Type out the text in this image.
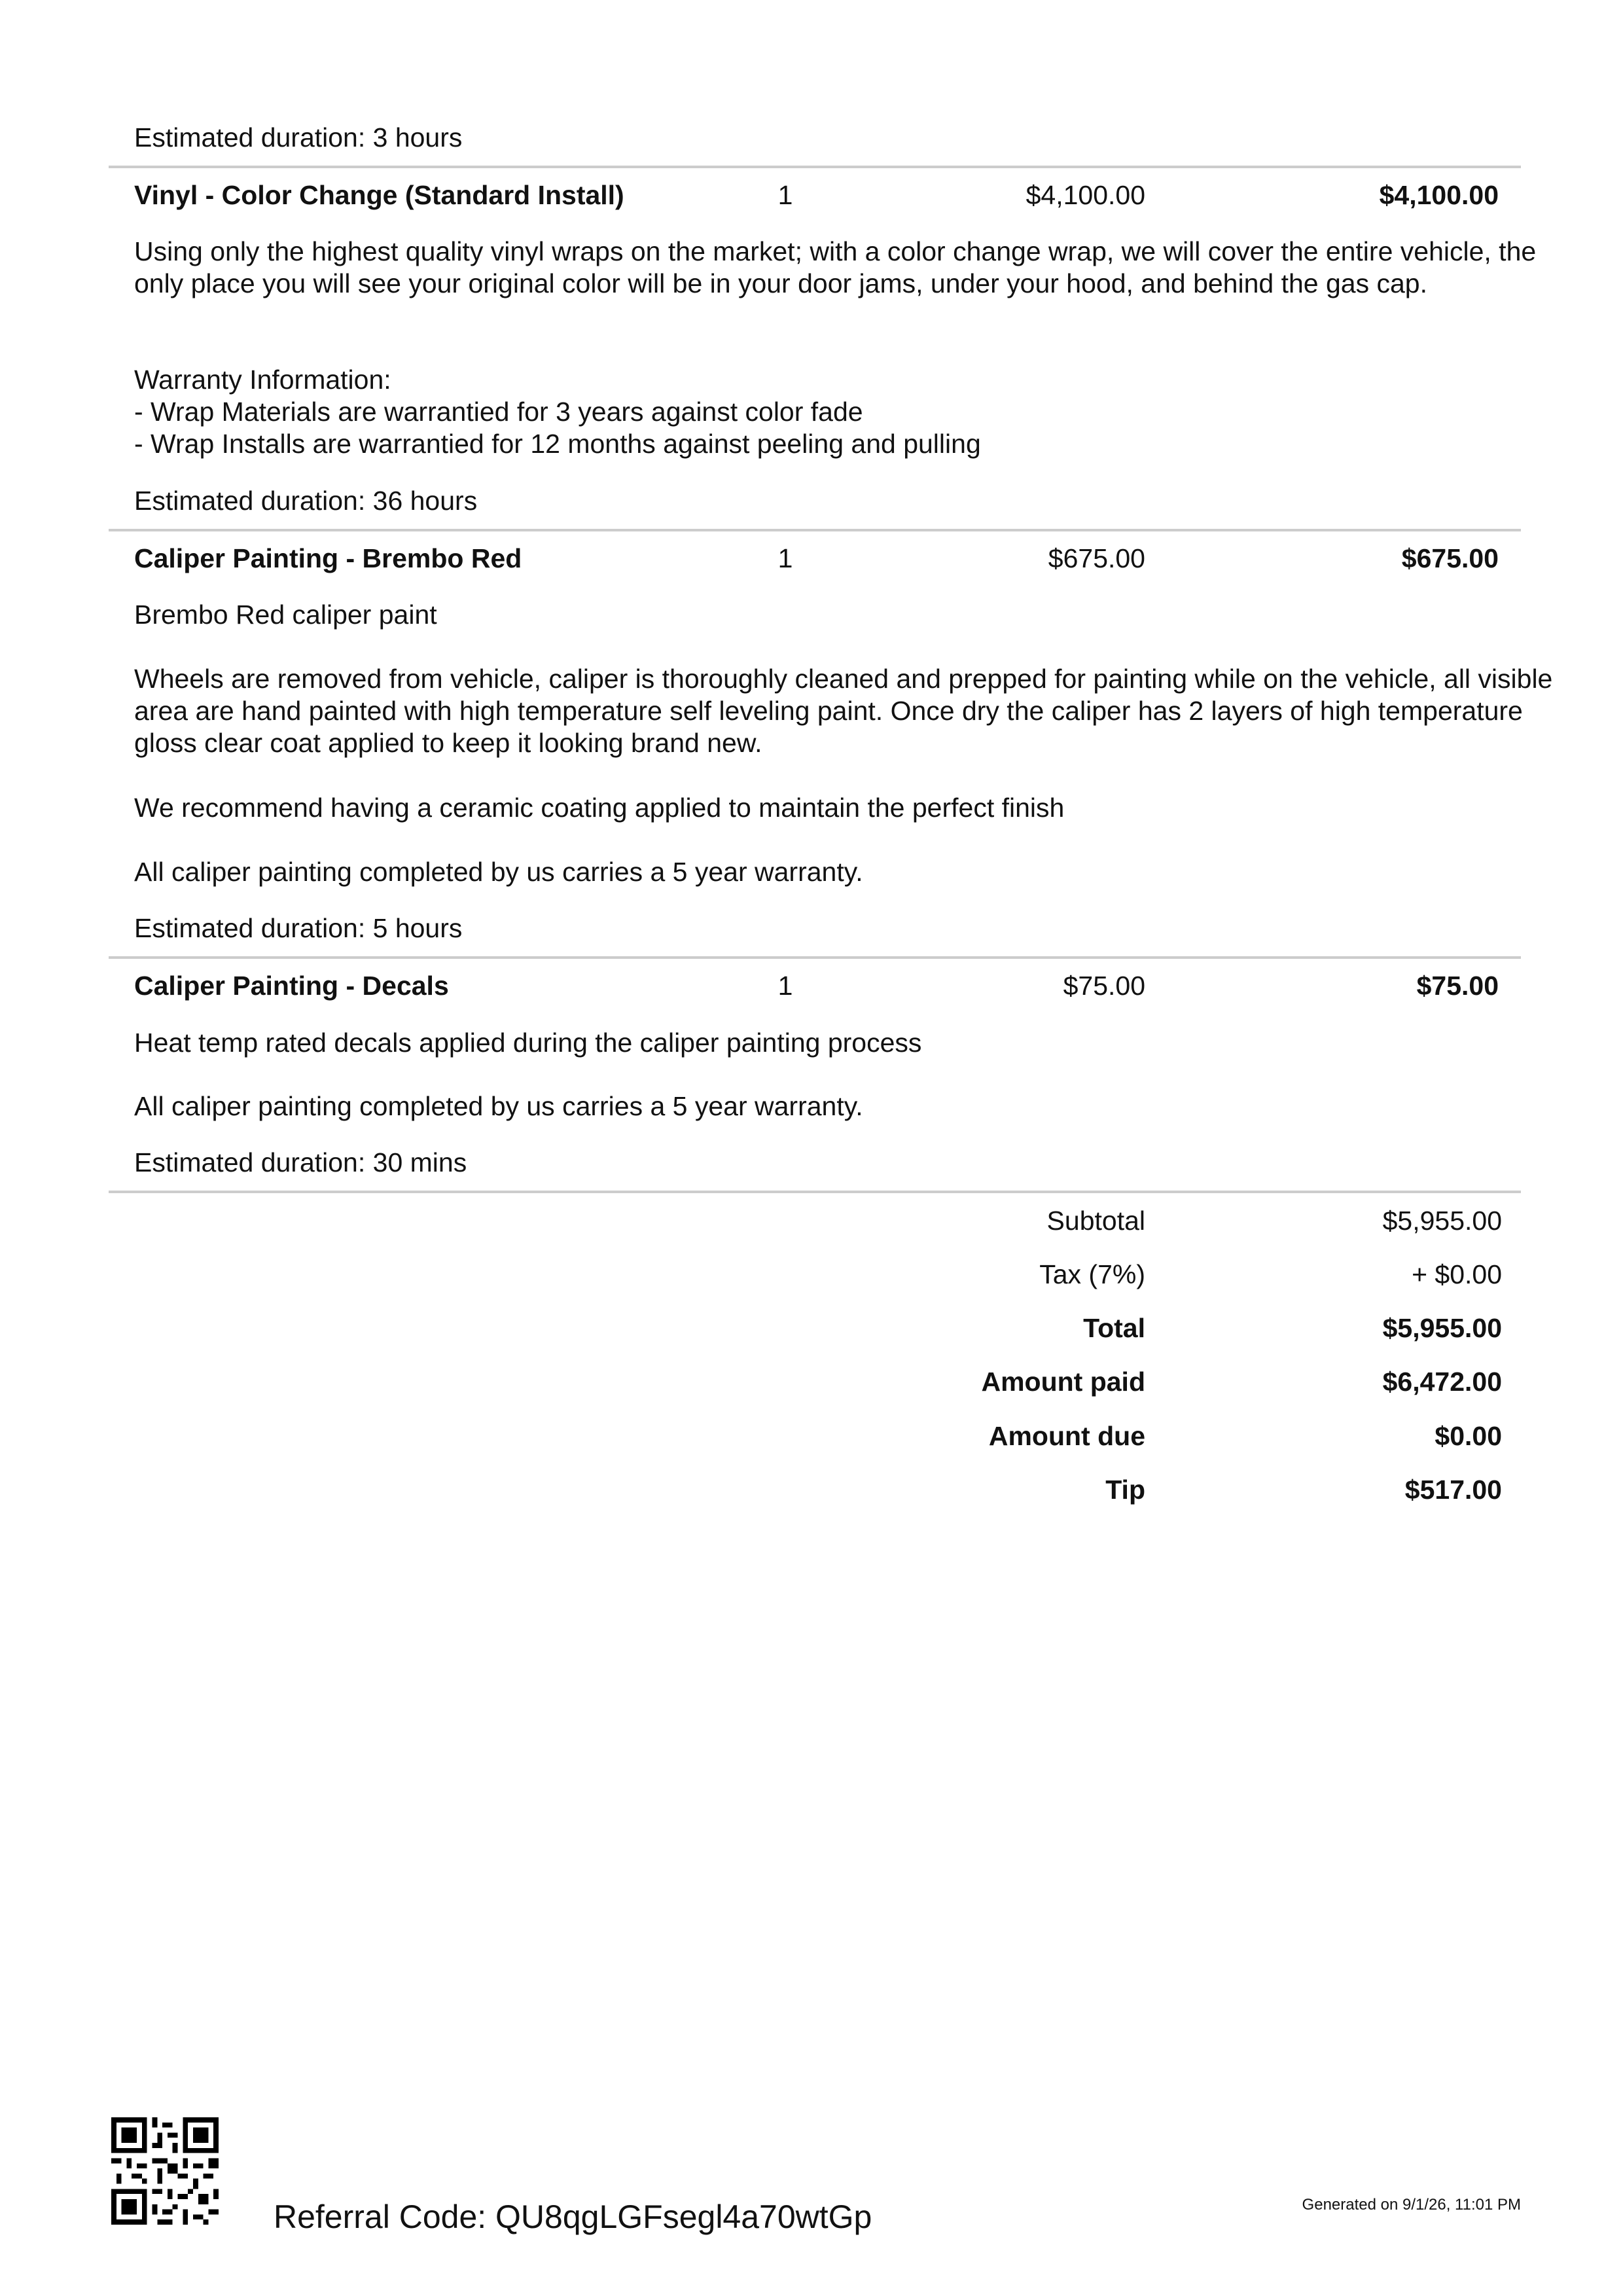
Estimated duration: 3 hours
Vinyl - Color Change (Standard Install)	1	$4,100.00	$4,100.00
Using only the highest quality vinyl wraps on the market; with a color change wrap, we will cover the entire vehicle, the only place you will see your original color will be in your door jams, under your hood, and behind the gas cap.
Warranty Information:
- Wrap Materials are warrantied for 3 years against color fade
- Wrap Installs are warrantied for 12 months against peeling and pulling
Estimated duration: 36 hours
Caliper Painting - Brembo Red	1	$675.00	$675.00
Brembo Red caliper paint
Wheels are removed from vehicle, caliper is thoroughly cleaned and prepped for painting while on the vehicle, all visible area are hand painted with high temperature self leveling paint. Once dry the caliper has 2 layers of high temperature gloss clear coat applied to keep it looking brand new.
We recommend having a ceramic coating applied to maintain the perfect finish
All caliper painting completed by us carries a 5 year warranty.
Estimated duration: 5 hours
Caliper Painting - Decals	1	$75.00	$75.00
Heat temp rated decals applied during the caliper painting process
All caliper painting completed by us carries a 5 year warranty.
Estimated duration: 30 mins
Subtotal	$5,955.00
Tax (7%)	+ $0.00
Total	$5,955.00
Amount paid	$6,472.00
Amount due	$0.00
Tip	$517.00
Referral Code: QU8qgLGFsegl4a70wtGp	Generated on 9/1/26, 11:01 PM
